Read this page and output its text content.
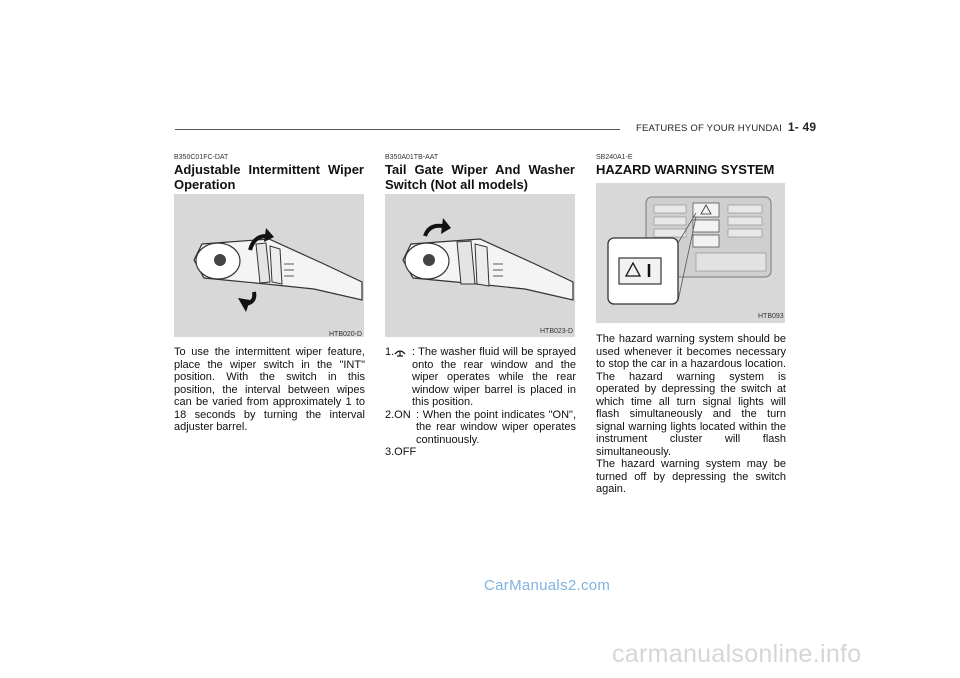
FEATURES OF YOUR HYUNDAI 1- 49
B350C01FC-DAT
Adjustable Intermittent Wiper
Operation
HTB020-D
To use the intermittent wiper feature, place the wiper switch in the "INT" position. With the switch in this position, the interval between wipes can be varied from approximately 1 to 18 seconds by turning the interval adjuster barrel.
B350A01TB-AAT
Tail Gate Wiper And Washer
Switch (Not all models)
HTB023-D
1.	: The washer fluid will be sprayed onto the rear window and the wiper operates while the rear window wiper barrel is placed in this position.
2.ON : When the point indicates "ON", the rear window wiper operates continuously.
3.OFF
SB240A1-E
HAZARD WARNING SYSTEM
HTB093
The hazard warning system should be used whenever it becomes necessary to stop the car in a hazardous location. The hazard warning system is operated by depressing the switch at which time all turn signal lights will flash simultaneously and the turn signal warning lights located within the instrument cluster will flash simultaneously.
The hazard warning system may be turned off by depressing the switch again.
CarManuals2.com
carmanualsonline.info
